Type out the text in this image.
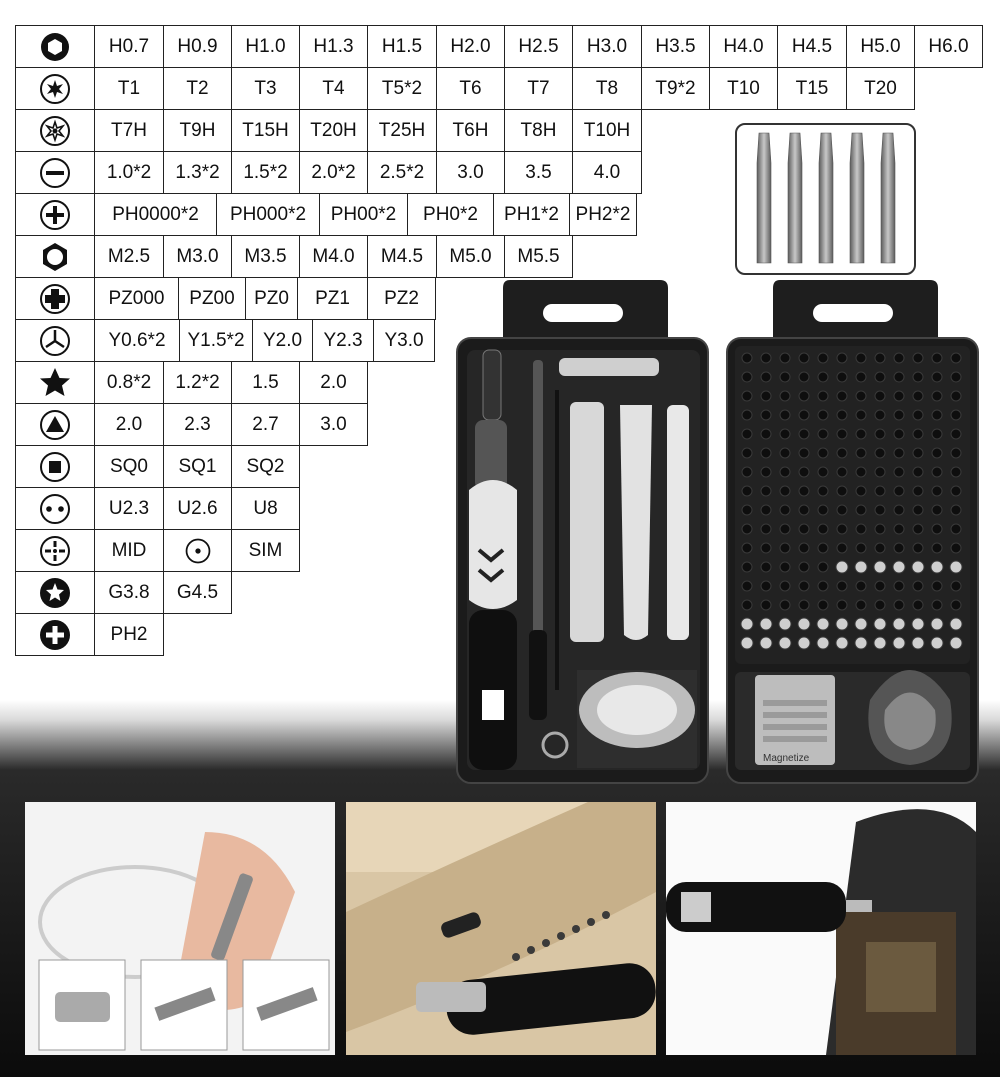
H0.7	H0.9	H1.0	H1.3	H1.5	H2.0	H2.5	H3.0	H3.5	H4.0	H4.5	H5.0	H6.0
T1	T2	T3	T4	T5*2	T6	T7	T8	T9*2	T10	T15	T20
T7H	T9H	T15H	T20H	T25H	T6H	T8H	T10H
1.0*2	1.3*2	1.5*2	2.0*2	2.5*2	3.0	3.5	4.0
PH0000*2	PH000*2	PH00*2	PH0*2	PH1*2 PH2*2
M2.5	M3.0	M3.5	M4.0	M4.5	M5.0	M5.5
PZ000	PZ00	PZ0	PZ1	PZ2
Y0.6*2	Y1.5*2 Y2.0	Y2.3	Y3.0
0.8*2	1.2*2	1.5	2.0
2.0	2.3	2.7	3.0
SQ0	SQ1	SQ2
U2.3	U2.6	U8
MID	SIM
G3.8	G4.5
PH2
Magnetize
